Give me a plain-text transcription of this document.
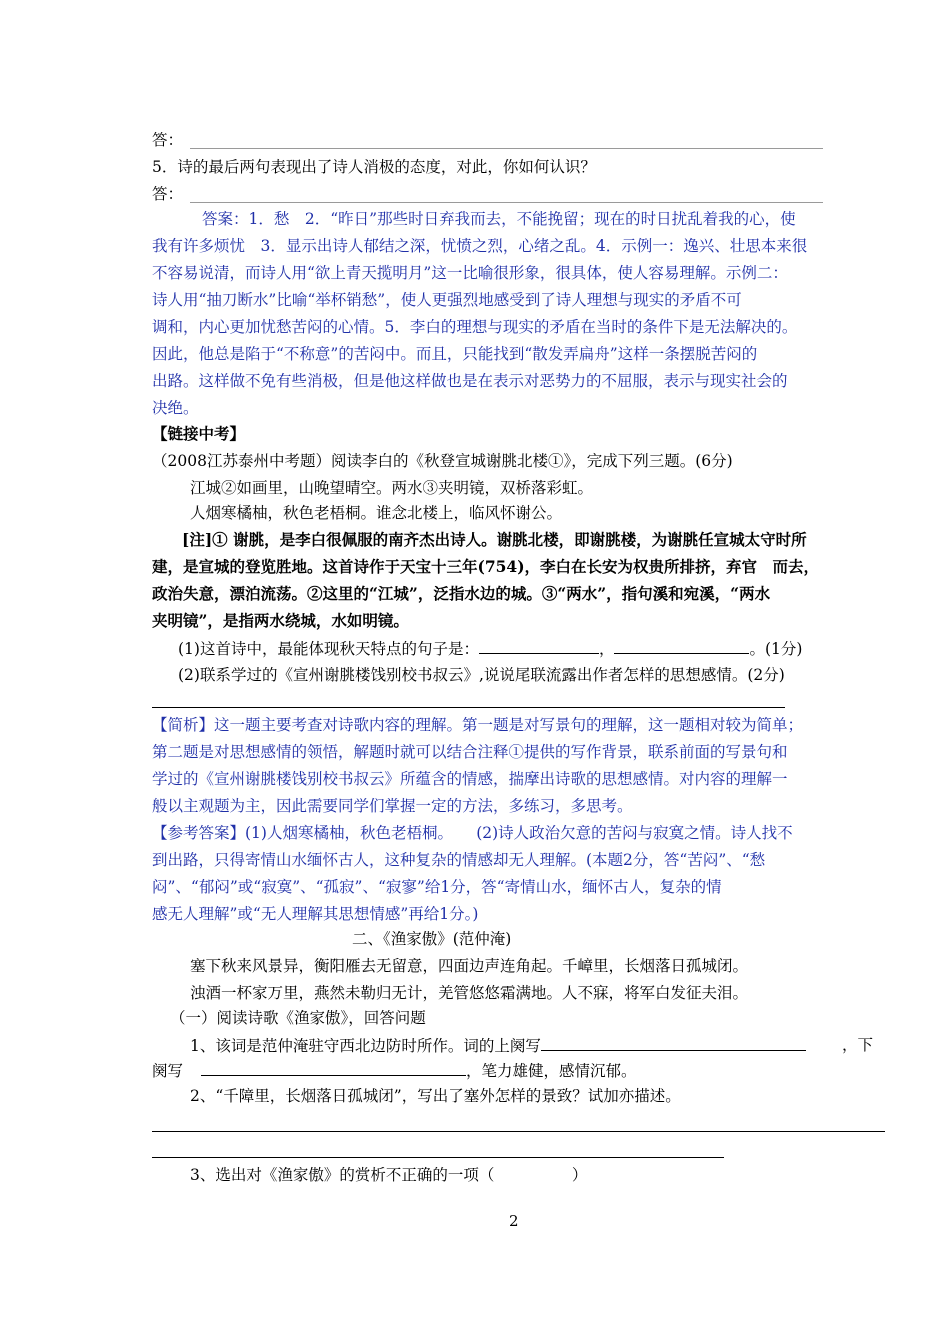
答：
5．诗的最后两句表现出了诗人消极的态度，对此，你如何认识？
答：
答案：1．愁　2．“昨日”那些时日弃我而去，不能挽留；现在的时日扰乱着我的心，使
我有许多烦忧　3．显示出诗人郁结之深，忧愤之烈，心绪之乱。4．示例一：逸兴、壮思本来很
不容易说清，而诗人用“欲上青天揽明月”这一比喻很形象，很具体，使人容易理解。示例二：
诗人用“抽刀断水”比喻“举杯销愁”，使人更强烈地感受到了诗人理想与现实的矛盾不可
调和，内心更加忧愁苦闷的心情。5．李白的理想与现实的矛盾在当时的条件下是无法解决的。
因此，他总是陷于“不称意”的苦闷中。而且，只能找到“散发弄扁舟”这样一条摆脱苦闷的
出路。这样做不免有些消极，但是他这样做也是在表示对恶势力的不屈服，表示与现实社会的
决绝。
【链接中考】
（2008江苏泰州中考题）阅读李白的《秋登宣城谢朓北楼①》，完成下列三题。(6分)
江城②如画里，山晚望晴空。两水③夹明镜，双桥落彩虹。
人烟寒橘柚，秋色老梧桐。谁念北楼上，临风怀谢公。
[注]① 谢朓，是李白很佩服的南齐杰出诗人。谢朓北楼，即谢朓楼，为谢朓任宣城太守时所
建，是宣城的登览胜地。这首诗作于天宝十三年(754)，李白在长安为权贵所排挤，弃官　而去，
政治失意，漂泊流荡。②这里的“江城”，泛指水边的城。③“两水”，指句溪和宛溪，“两水
夹明镜”，是指两水绕城，水如明镜。
(1)这首诗中，最能体现秋天特点的句子是：	，	。(1分)
(2)联系学过的《宣州谢朓楼饯别校书叔云》,说说尾联流露出作者怎样的思想感情。(2分)
【简析】这一题主要考查对诗歌内容的理解。第一题是对写景句的理解，这一题相对较为简单；
第二题是对思想感情的领悟，解题时就可以结合注释①提供的写作背景，联系前面的写景句和
学过的《宣州谢朓楼饯别校书叔云》所蕴含的情感，揣摩出诗歌的思想感情。对内容的理解一
般以主观题为主，因此需要同学们掌握一定的方法，多练习，多思考。
【参考答案】(1)人烟寒橘柚，秋色老梧桐。　　(2)诗人政治欠意的苦闷与寂寞之情。诗人找不
到出路，只得寄情山水缅怀古人，这种复杂的情感却无人理解。(本题2分，答“苦闷”、“愁
闷”、“郁闷”或“寂寞”、“孤寂”、“寂寥”给1分，答“寄情山水，缅怀古人，复杂的情
感无人理解”或“无人理解其思想情感”再给1分。)
二、《渔家傲》(范仲淹)
塞下秋来风景异，衡阳雁去无留意，四面边声连角起。千嶂里，长烟落日孤城闭。
浊酒一杯家万里，燕然未勒归无计，羌管悠悠霜满地。人不寐，将军白发征夫泪。
（一）阅读诗歌《渔家傲》，回答问题
1、该词是范仲淹驻守西北边防时所作。词的上阕写	，下
阕写	，笔力雄健，感情沉郁。
2、“千障里，长烟落日孤城闭”，写出了塞外怎样的景致？试加亦描述。
3、选出对《渔家傲》的赏析不正确的一项（　　　　　）
2
